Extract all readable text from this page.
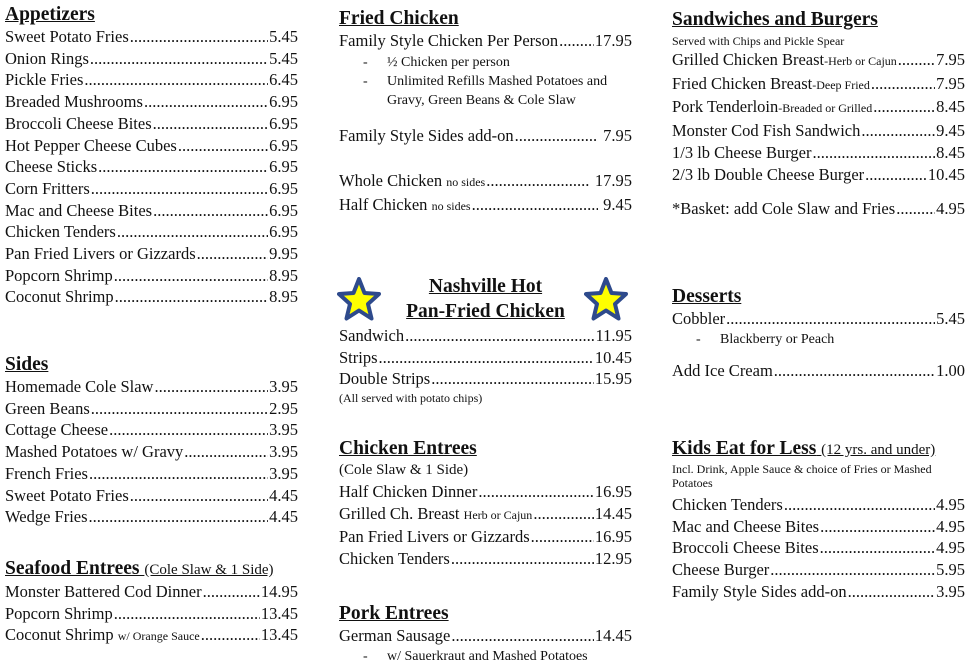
Appetizers
Sweet Potato Fries .....	5.45
Onion Rings .....	5.45
Pickle Fries .....	6.45
Breaded Mushrooms .....	6.95
Broccoli Cheese Bites .....	6.95
Hot Pepper Cheese Cubes .....	6.95
Cheese Sticks .....	6.95
Corn Fritters .....	6.95
Mac and Cheese Bites .....	6.95
Chicken Tenders .....	6.95
Pan Fried Livers or Gizzards .....	9.95
Popcorn Shrimp .....	8.95
Coconut Shrimp .....	8.95
Sides
Homemade Cole Slaw .....	3.95
Green Beans .....	2.95
Cottage Cheese .....	3.95
Mashed Potatoes w/ Gravy .....	3.95
French Fries .....	3.95
Sweet Potato Fries .....	4.45
Wedge Fries .....	4.45
Seafood Entrees (Cole Slaw & 1 Side)
Monster Battered Cod Dinner .....	14.95
Popcorn Shrimp .....	13.45
Coconut Shrimp w/ Orange Sauce .....	13.45
Fried Chicken
Family Style Chicken Per Person ..... 17.95
- ½ Chicken per person
- Unlimited Refills Mashed Potatoes and Gravy, Green Beans & Cole Slaw
Family Style Sides add-on .....	7.95
Whole Chicken no sides .....	17.95
Half Chicken no sides .....	9.45
Nashville Hot
Pan-Fried Chicken
Sandwich .....	11.95
Strips .....	10.45
Double Strips .....	15.95
(All served with potato chips)
Chicken Entrees
(Cole Slaw & 1 Side)
Half Chicken Dinner .....	16.95
Grilled Ch. Breast Herb or Cajun .....	14.45
Pan Fried Livers or Gizzards .....	16.95
Chicken Tenders .....	12.95
Pork Entrees
German Sausage .....	14.45
- w/ Sauerkraut and Mashed Potatoes
Sandwiches and Burgers
Served with Chips and Pickle Spear
Grilled Chicken Breast-Herb or Cajun ..... 7.95
Fried Chicken Breast-Deep Fried .....	7.95
Pork Tenderloin-Breaded or Grilled .....	8.45
Monster Cod Fish Sandwich .....	9.45
1/3 lb Cheese Burger .....	8.45
2/3 lb Double Cheese Burger .....	10.45
*Basket: add Cole Slaw and Fries ..... 4.95
Desserts
Cobbler .....	5.45
- Blackberry or Peach
Add Ice Cream .....	1.00
Kids Eat for Less (12 yrs. and under)
Incl. Drink, Apple Sauce & choice of Fries or Mashed Potatoes
Chicken Tenders .....	4.95
Mac and Cheese Bites .....	4.95
Broccoli Cheese Bites .....	4.95
Cheese Burger .....	5.95
Family Style Sides add-on .....	3.95
